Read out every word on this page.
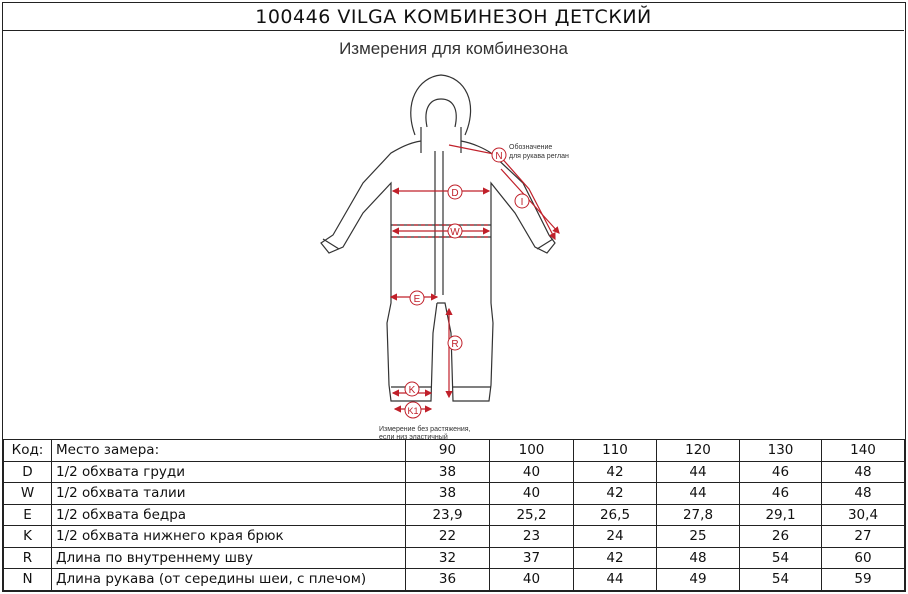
100446 VILGA КОМБИНЕЗОН ДЕТСКИЙ
Измерения для комбинезона
N
D
I
W
E
R
K
K1
Обозначение
для рукава реглан
Измерение без растяжения,
если низ эластичный
Код:	Место замера:	90	100	110	120	130	140
D	1/2 обхвата груди	38	40	42	44	46	48
W	1/2 обхвата талии	38	40	42	44	46	48
E	1/2 обхвата бедра	23,9	25,2	26,5	27,8	29,1	30,4
K	1/2 обхвата нижнего края брюк	22	23	24	25	26	27
R	Длина по внутреннему шву	32	37	42	48	54	60
N	Длина рукава (от середины шеи, с плечом)	36	40	44	49	54	59
